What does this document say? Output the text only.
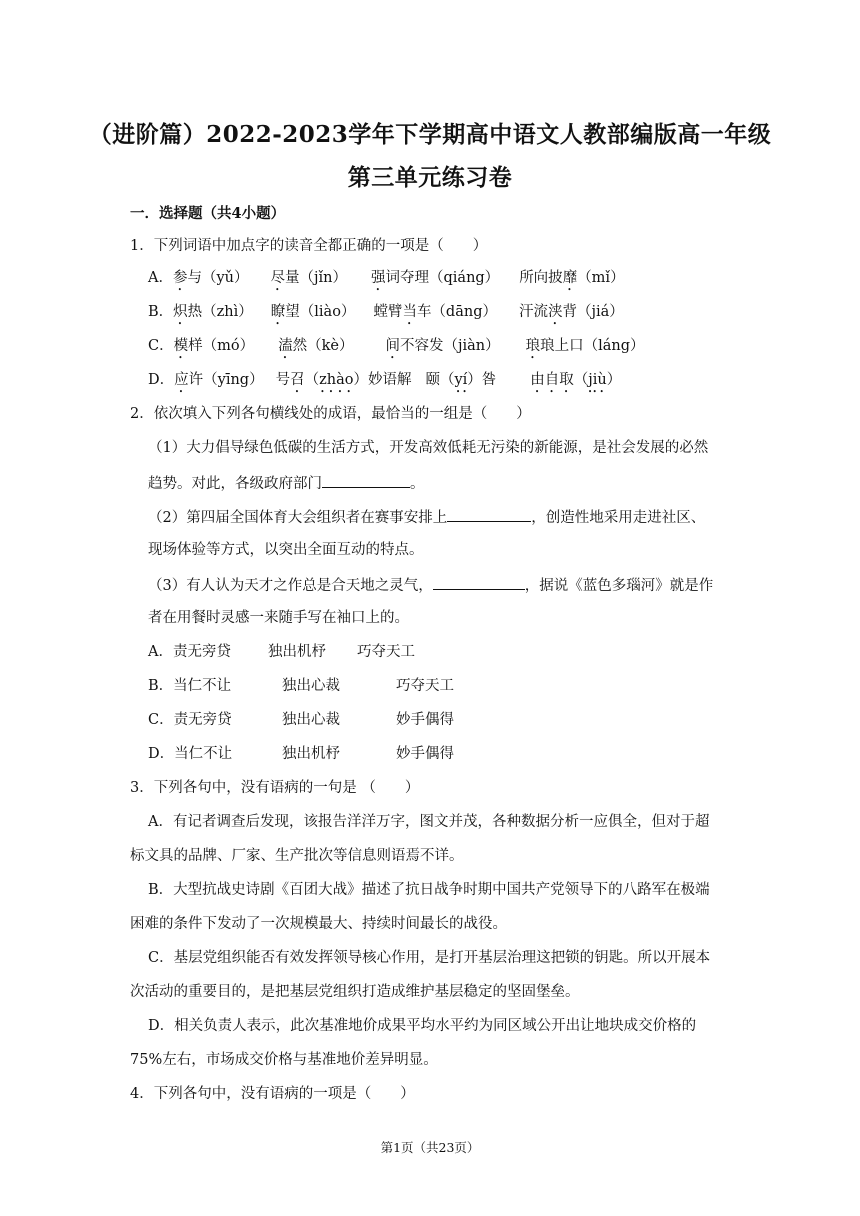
（进阶篇）2022-2023学年下学期高中语文人教部编版高一年级
第三单元练习卷
一．选择题（共4小题）
1．下列词语中加点字的读音全都正确的一项是（　　）
A．参与（yǔ） 尽量（jǐn） 强词夺理（qiáng） 所向披靡（mǐ）
B．炽热（zhì） 瞭望（liào） 螳臂当车（dāng） 汗流浃背（jiá）
C．模样（mó） 溘然（kè） 间不容发（jiàn） 琅琅上口（láng）
D．应许（yīng） 号召（zhào）妙语解 颐（yí）咎 由自取（jiù）
2．依次填入下列各句横线处的成语，最恰当的一组是（　　）
（1）大力倡导绿色低碳的生活方式，开发高效低耗无污染的新能源，是社会发展的必然
趋势。对此，各级政府部门	。
（2）第四届全国体育大会组织者在赛事安排上	，创造性地采用走进社区、
现场体验等方式，以突出全面互动的特点。
（3）有人认为天才之作总是合天地之灵气，	，据说《蓝色多瑙河》就是作
者在用餐时灵感一来随手写在袖口上的。
A．责无旁贷	独出机杼 巧夺天工
B．当仁不让	独出心裁	巧夺天工
C．责无旁贷	独出心裁	妙手偶得
D．当仁不让	独出机杼	妙手偶得
3．下列各句中，没有语病的一句是 （　　）
A．有记者调查后发现，该报告洋洋万字，图文并茂，各种数据分析一应俱全，但对于超
标文具的品牌、厂家、生产批次等信息则语焉不详。
B．大型抗战史诗剧《百团大战》描述了抗日战争时期中国共产党领导下的八路军在极端
困难的条件下发动了一次规模最大、持续时间最长的战役。
C．基层党组织能否有效发挥领导核心作用，是打开基层治理这把锁的钥匙。所以开展本
次活动的重要目的，是把基层党组织打造成维护基层稳定的坚固堡垒。
D．相关负责人表示，此次基准地价成果平均水平约为同区域公开出让地块成交价格的
75%左右，市场成交价格与基准地价差异明显。
4．下列各句中，没有语病的一项是（　　）
第1页（共23页）
